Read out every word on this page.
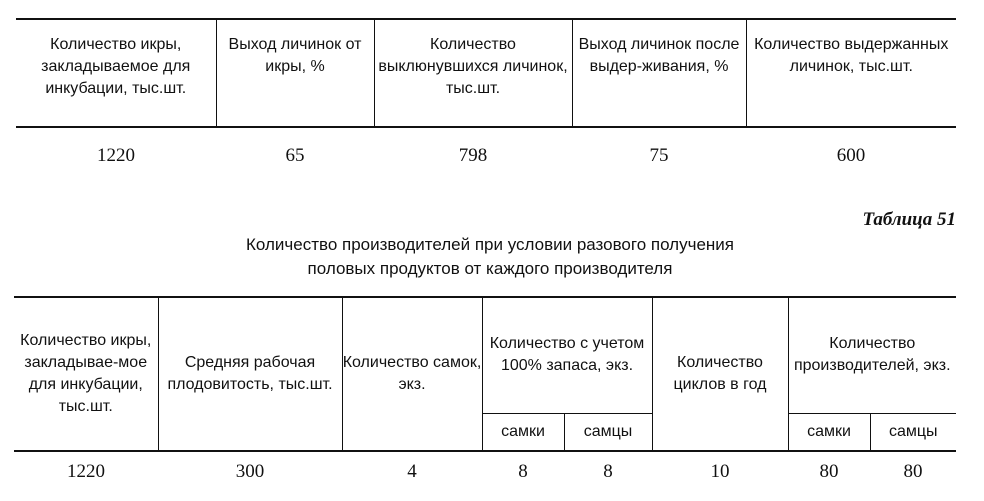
Количество икры, закладываемое для инкубации, тыс.шт.	Выход личинок от икры, %	Количество выклюнувшихся личинок, тыс.шт.	Выход личинок после выдер-живания, %	Количество выдержанных личинок, тыс.шт.
1220	65	798	75	600
Таблица 51
Количество производителей при условии разового получения
половых продуктов от каждого производителя
Количество икры, закладывае-мое для инкубации, тыс.шт.	Средняя рабочая плодовитость, тыс.шт.	Количество самок, экз.	Количество с учетом 100% запаса, экз.		Количество циклов в год	Количество производителей, экз.	
			самки	самцы		самки	самцы
1220	300	4	8	8	10	80	80
